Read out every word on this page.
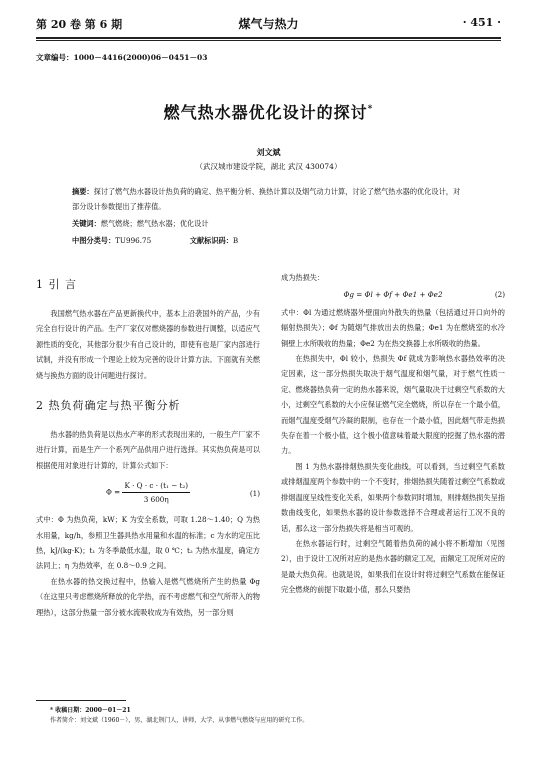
第 20 卷 第 6 期	煤气与热力	· 451 ·
文章编号：1000－4416(2000)06－0451－03
燃气热水器优化设计的探讨*
刘文斌
（武汉城市建设学院，湖北 武汉 430074）
摘要：探讨了燃气热水器设计热负荷的确定、热平衡分析、换热计算以及烟气动力计算，讨论了燃气热水器的优化设计，对部分设计参数提出了推荐值。
关键词：燃气燃烧；燃气热水器；优化设计
中图分类号：TU996.75	文献标识码：B
1 引 言

我国燃气热水器在产品更新换代中，基本上沿袭国外的产品，少有完全自行设计的产品。生产厂家仅对燃烧器的参数进行调整，以适应气源性质的变化，其他部分很少有自己设计的，即使有也是厂家内部进行试制，并没有形成一个理论上较为完善的设计计算方法。下面就有关燃烧与换热方面的设计问题进行探讨。

2 热负荷确定与热平衡分析

热水器的热负荷是以热水产率的形式表现出来的，一般生产厂家不进行计算，而是生产一个系列产品供用户进行选择。其实热负荷是可以根据使用对象进行计算的，计算公式如下：

$\Phi = \frac{\text{K · Q · c · (t₁ − t₂)}}{3 600\eta}$	(1)

式中：Φ 为热负荷，kW；K 为安全系数，可取 1.28～1.40；Q 为热水用量，kg/h，参照卫生器具热水用量和水温的标准；c 为水的定压比热，kJ/(kg·K)；t₁ 为冬季最低水温，取 0 ℃；t₂ 为热水温度，确定方法同上；η 为热效率，在 0.8～0.9 之间。

在热水器的热交换过程中，热输入是燃气燃烧所产生的热量 Φg（在这里只考虑燃烧所释放的化学热，而不考虑燃气和空气所带入的物理热），这部分热量一部分被水流吸收成为有效热，另一部分则

成为热损失：

Φg = Φl + Φf + Φe1 + Φe2	(2)

式中：Φl 为通过燃烧器外壁面向外散失的热量（包括通过开口向外的辐射热损失）；Φf 为随烟气排放出去的热量；Φe1 为在燃烧室的水冷铜壁上水所吸收的热量；Φe2 为在热交换器上水所吸收的热量。

在热损失中，Φl 较小，热损失 Φf 就成为影响热水器热效率的决定因素，这一部分热损失取决于烟气温度和烟气量，对于燃气性质一定、燃烧器热负荷一定的热水器来说，烟气量取决于过剩空气系数的大小，过剩空气系数的大小应保证燃气完全燃烧，所以存在一个最小值，而烟气温度受烟气冷凝的限制，也存在一个最小值，因此烟气带走热损失存在着一个极小值，这个极小值意味着最大限度的挖掘了热水器的潜力。

图 1 为热水器排烟热损失变化曲线，可以看到，当过剩空气系数或排烟温度两个参数中的一个不变时，排烟热损失随着过剩空气系数或排烟温度呈线性变化关系，如果两个参数同时增加，则排烟热损失呈指数曲线变化，如果热水器的设计参数选择不合理或者运行工况不良的话，那么这一部分热损失将是相当可观的。

在热水器运行时，过剩空气随着热负荷的减小将不断增加（见图 2），由于设计工况所对应的是热水器的额定工况，而额定工况所对应的是最大热负荷。也就是说，如果我们在设计时将过剩空气系数在能保证完全燃烧的前提下取最小值，那么只要热

* 收稿日期：2000－01－21
作者简介：刘文斌（1960－），男，湖北荆门人，讲师，大学，从事燃气燃烧与应用的研究工作。
